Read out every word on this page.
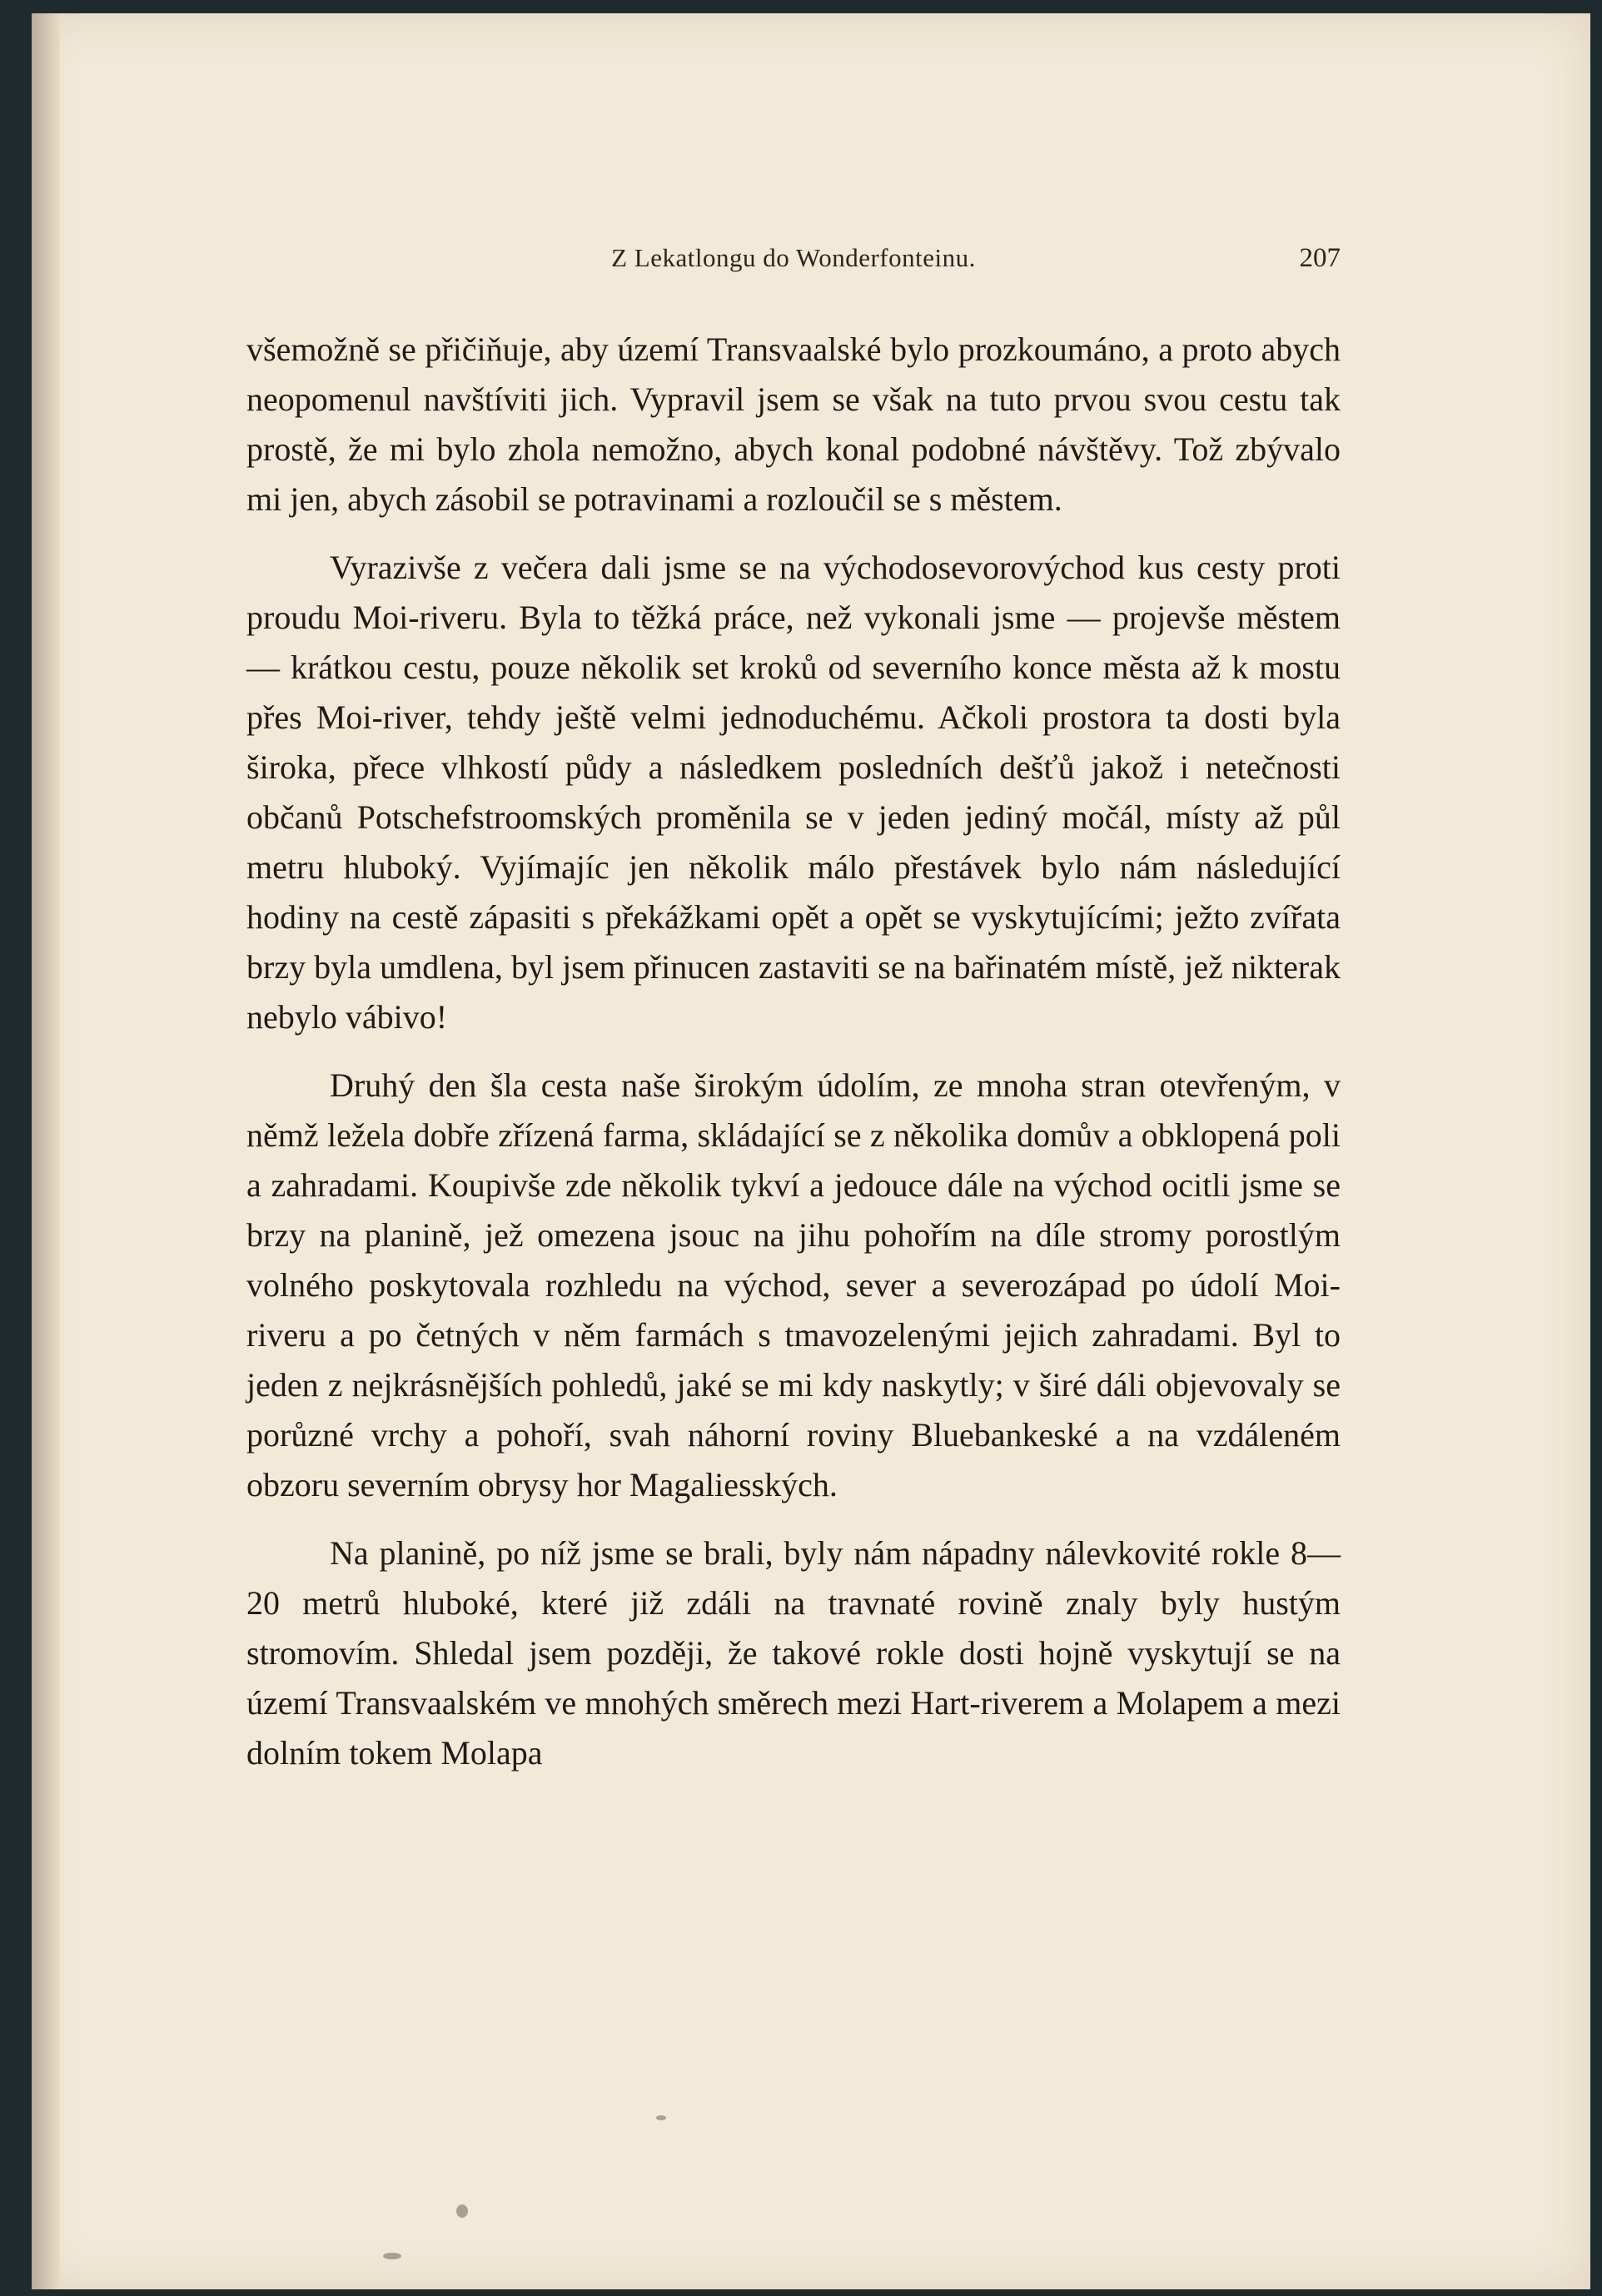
Z Lekatlongu do Wonderfonteinu.	207

všemožně se přičiňuje, aby území Transvaalské bylo prozkoumáno, a proto abych neopomenul navštíviti jich. Vypravil jsem se však na tuto prvou svou cestu tak prostě, že mi bylo zhola nemožno, abych konal podobné návštěvy. Tož zbývalo mi jen, abych zásobil se potravinami a rozloučil se s městem.

Vyrazivše z večera dali jsme se na východosevorovýchod kus cesty proti proudu Moi-riveru. Byla to těžká práce, než vykonali jsme — projevše městem — krátkou cestu, pouze několik set kroků od severního konce města až k mostu přes Moi-river, tehdy ještě velmi jednoduchému. Ačkoli prostora ta dosti byla široka, přece vlhkostí půdy a následkem posledních dešťů jakož i netečnosti občanů Potschefstroomských proměnila se v jeden jediný močál, místy až půl metru hluboký. Vyjímajíc jen několik málo přestávek bylo nám následující hodiny na cestě zápasiti s překážkami opět a opět se vyskytujícími; ježto zvířata brzy byla umdlena, byl jsem přinucen zastaviti se na bařinatém místě, jež nikterak nebylo vábivo!

Druhý den šla cesta naše širokým údolím, ze mnoha stran otevřeným, v němž ležela dobře zřízená farma, skládající se z několika domův a obklopená poli a zahradami. Koupivše zde několik tykví a jedouce dále na východ ocitli jsme se brzy na planině, jež omezena jsouc na jihu pohořím na díle stromy porostlým volného poskytovala rozhledu na východ, sever a severozápad po údolí Moi-riveru a po četných v něm farmách s tmavozelenými jejich zahradami. Byl to jeden z nejkrásnějších pohledů, jaké se mi kdy naskytly; v širé dáli objevovaly se porůzné vrchy a pohoří, svah náhorní roviny Bluebankeské a na vzdáleném obzoru severním obrysy hor Magaliesských.

Na planině, po níž jsme se brali, byly nám nápadny nálevkovité rokle 8—20 metrů hluboké, které již zdáli na travnaté rovině znaly byly hustým stromovím. Shledal jsem později, že takové rokle dosti hojně vyskytují se na území Transvaalském ve mnohých směrech mezi Hart-riverem a Molapem a mezi dolním tokem Molapa
